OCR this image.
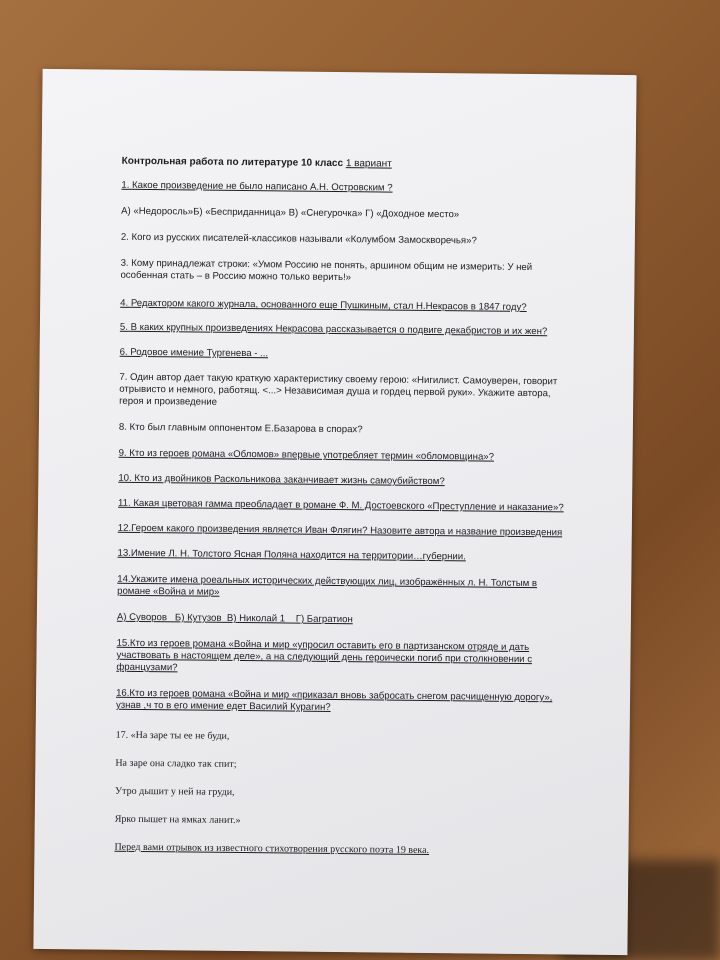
Контрольная работа по литературе 10 класс 1 вариант
1. Какое произведение не было написано А.Н. Островским ?
А) «Недоросль»Б) «Бесприданница» В) «Снегурочка» Г) «Доходное место»
2. Кого из русских писателей-классиков называли «Колумбом Замоскворечья»?
3. Кому принадлежат строки: «Умом Россию не понять, аршином общим не измерить: У ней
особенная стать – в Россию можно только верить!»
4. Редактором какого журнала, основанного еще Пушкиным, стал Н.Некрасов в 1847 году?
5. В каких крупных произведениях Некрасова рассказывается о подвиге декабристов и их жен?
6. Родовое имение Тургенева - ...
7. Один автор дает такую краткую характеристику своему герою: «Нигилист. Самоуверен, говорит
отрывисто и немного, работящ. <...> Независимая душа и гордец первой руки». Укажите автора,
героя и произведение
8. Кто был главным оппонентом Е.Базарова в спорах?
9. Кто из героев романа «Обломов» впервые употребляет термин «обломовщина»?
10. Кто из двойников Раскольникова заканчивает жизнь самоубийством?
11. Какая цветовая гамма преобладает в романе Ф. М. Достоевского «Преступление и наказание»?
12.Героем какого произведения является Иван Флягин? Назовите автора и название произведения
13.Имение Л. Н. Толстого Ясная Поляна находится на территории…губернии.
14.Укажите имена роеальных исторических действующих лиц, изображённых л. Н. Толстым в
романе «Война и мир»
А) Суворов   Б) Кутузов  В) Николай 1    Г) Багратион
15.Кто из героев романа «Война и мир «упросил оставить его в партизанском отряде и дать
участвовать в настоящем деле», а на следующий день героически погиб при столкновении с
французами?
16.Кто из героев романа «Война и мир «приказал вновь забросать снегом расчищенную дорогу»,
узнав ,ч то в его имение едет Василий Курагин?
17. «На заре ты ее не буди,
На заре она сладко так спит;
Утро дышит у ней на груди,
Ярко пышет на ямках ланит.»
Перед вами отрывок из известного стихотворения русского поэта 19 века.
